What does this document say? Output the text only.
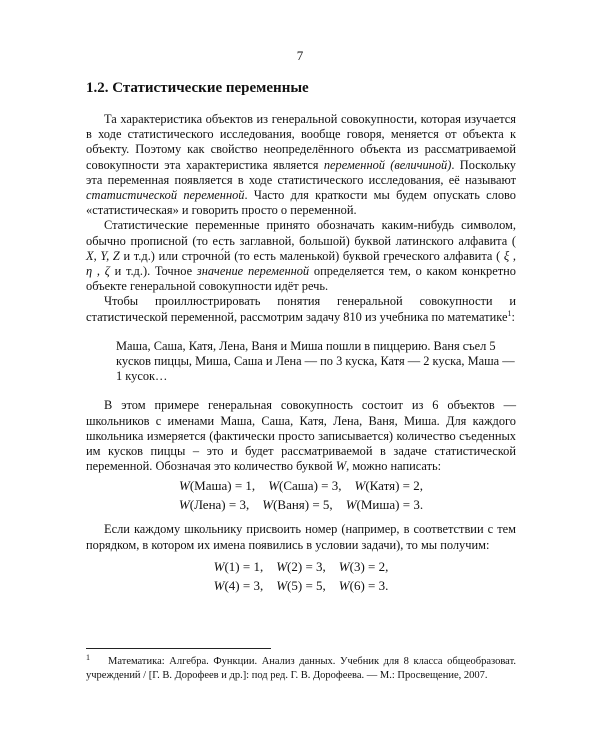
7
1.2. Статистические переменные

Та характеристика объектов из генеральной совокупности, которая изучается в ходе статистического исследования, вообще говоря, меняется от объекта к объекту. Поэтому как свойство неопределённого объекта из рассматриваемой совокупности эта характеристика является переменной (величиной). Поскольку эта переменная появляется в ходе статистического исследования, её называют статистической переменной. Часто для краткости мы будем опускать слово «статистическая» и говорить просто о переменной.

Статистические переменные принято обозначать каким-нибудь символом, обычно прописной (то есть заглавной, большой) буквой латинского алфавита ( X, Y, Z и т.д.) или строчно́й (то есть маленькой) буквой греческого алфавита ( ξ , η , ζ и т.д.). Точное значение переменной определяется тем, о каком конкретно объекте генеральной совокупности идёт речь.

Чтобы проиллюстрировать понятия генеральной совокупности и статистической переменной, рассмотрим задачу 810 из учебника по математике$^1$:

Маша, Саша, Катя, Лена, Ваня и Миша пошли в пиццерию. Ваня съел 5 кусков пиццы, Миша, Саша и Лена — по 3 куска, Катя — 2 куска, Маша — 1 кусок…

В этом примере генеральная совокупность состоит из 6 объектов — школьников с именами Маша, Саша, Катя, Лена, Ваня, Миша. Для каждого школьника измеряется (фактически просто записывается) количество съеденных им кусков пиццы – это и будет рассматриваемой в задаче статистической переменной. Обозначая это количество буквой W, можно написать:

W(Маша) = 1,  W(Саша) = 3,  W(Катя) = 2,
W(Лена) = 3,  W(Ваня) = 5,  W(Миша) = 3.

Если каждому школьнику присвоить номер (например, в соответствии с тем порядком, в котором их имена появились в условии задачи), то мы получим:

W(1) = 1,  W(2) = 3,  W(3) = 2,
W(4) = 3,  W(5) = 5,  W(6) = 3.
$^1$ Математика: Алгебра. Функции. Анализ данных. Учебник для 8 класса общеобразоват. учреждений / [Г. В. Дорофеев и др.]: под ред. Г. В. Дорофеева. — М.: Просвещение, 2007.
